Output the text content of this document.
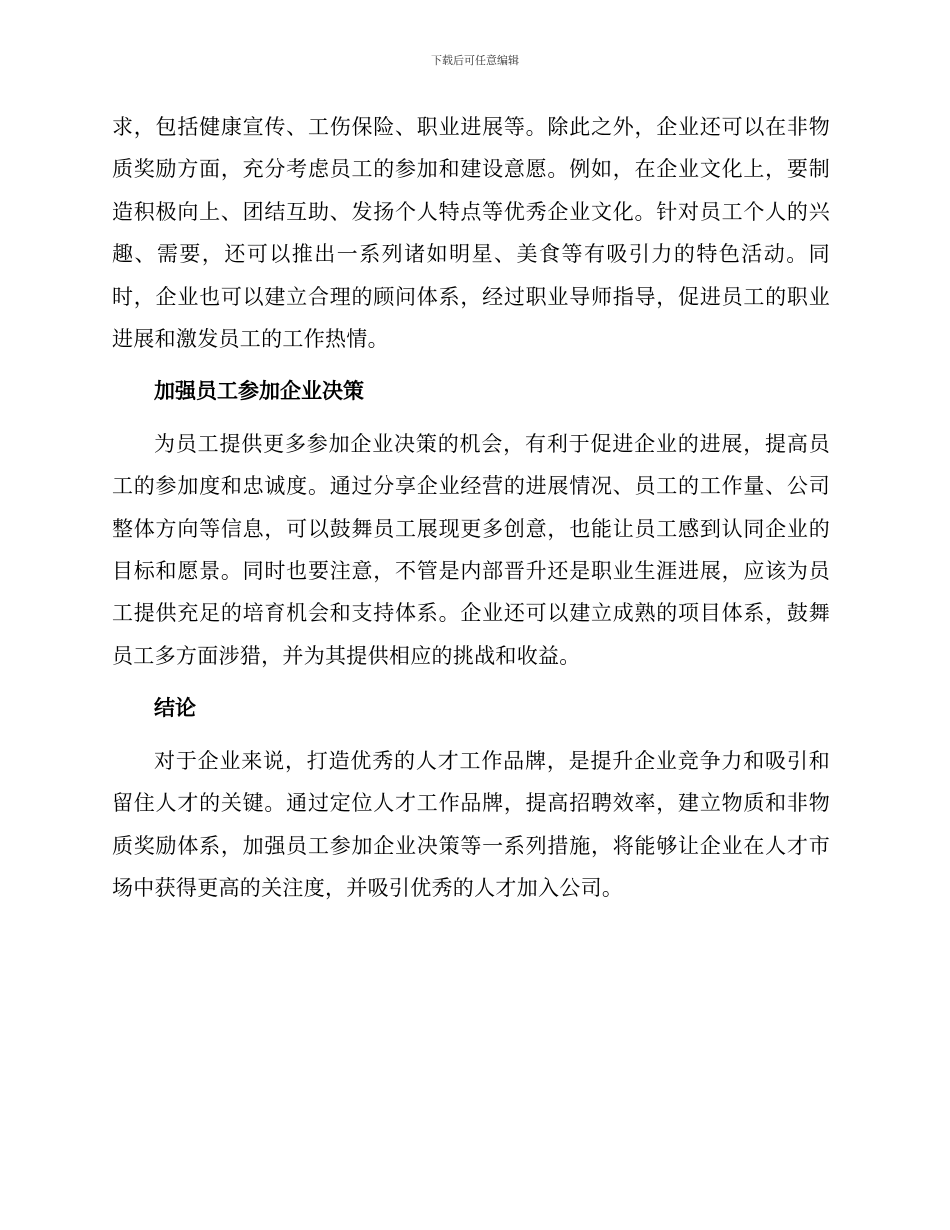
下载后可任意编辑

求，包括健康宣传、工伤保险、职业进展等。除此之外，企业还可以在非物质奖励方面，充分考虑员工的参加和建设意愿。例如，在企业文化上，要制造积极向上、团结互助、发扬个人特点等优秀企业文化。针对员工个人的兴趣、需要，还可以推出一系列诸如明星、美食等有吸引力的特色活动。同时，企业也可以建立合理的顾问体系，经过职业导师指导，促进员工的职业进展和激发员工的工作热情。

加强员工参加企业决策

为员工提供更多参加企业决策的机会，有利于促进企业的进展，提高员工的参加度和忠诚度。通过分享企业经营的进展情况、员工的工作量、公司整体方向等信息，可以鼓舞员工展现更多创意，也能让员工感到认同企业的目标和愿景。同时也要注意，不管是内部晋升还是职业生涯进展，应该为员工提供充足的培育机会和支持体系。企业还可以建立成熟的项目体系，鼓舞员工多方面涉猎，并为其提供相应的挑战和收益。

结论

对于企业来说，打造优秀的人才工作品牌，是提升企业竞争力和吸引和留住人才的关键。通过定位人才工作品牌，提高招聘效率，建立物质和非物质奖励体系，加强员工参加企业决策等一系列措施，将能够让企业在人才市场中获得更高的关注度，并吸引优秀的人才加入公司。
